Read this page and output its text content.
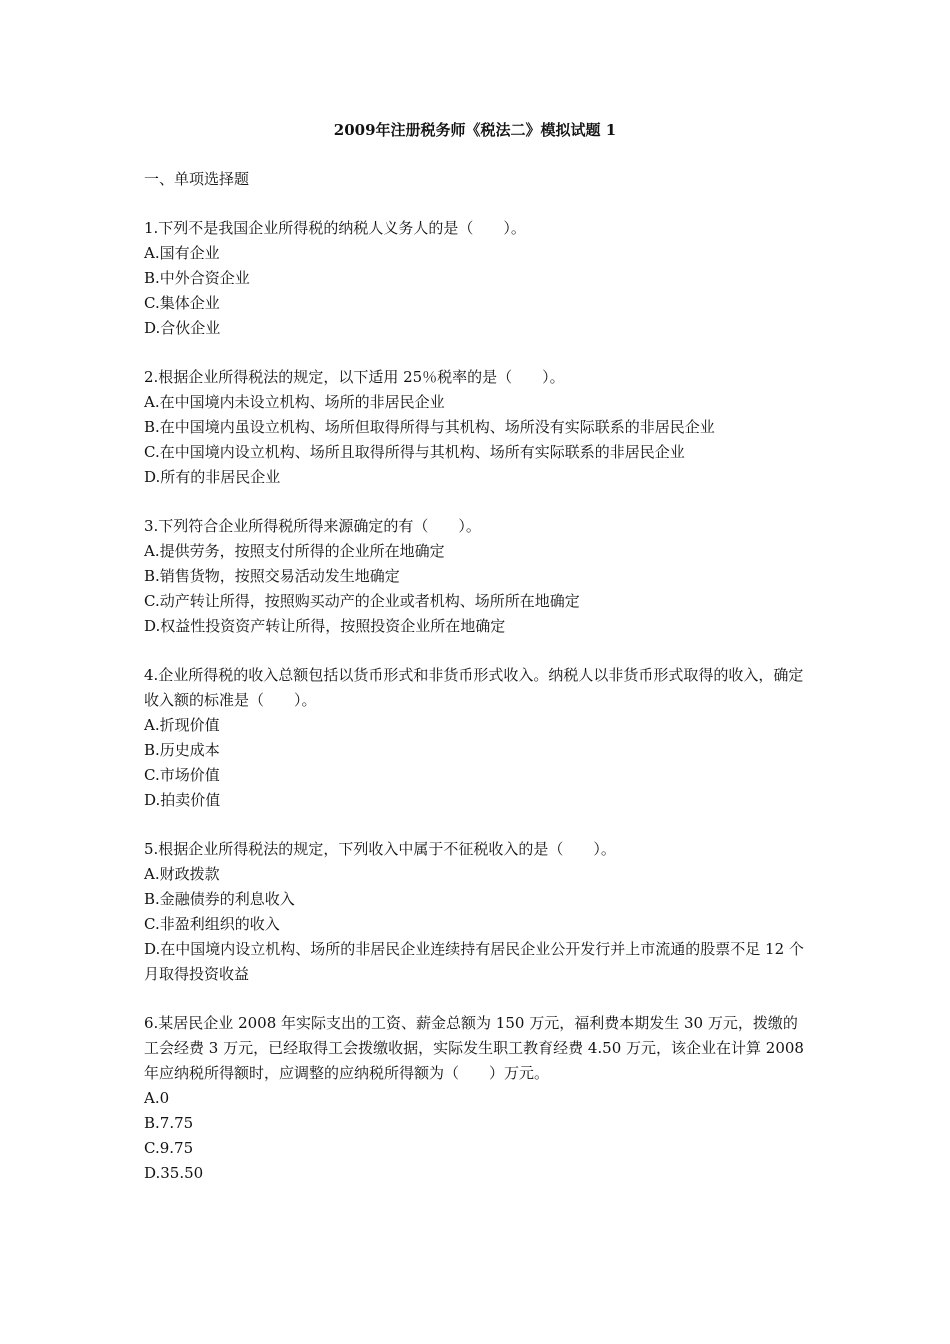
2009年注册税务师《税法二》模拟试题 1
一、单项选择题

1.下列不是我国企业所得税的纳税人义务人的是（　　）。

A.国有企业

B.中外合资企业

C.集体企业

D.合伙企业

2.根据企业所得税法的规定，以下适用 25％税率的是（　　）。

A.在中国境内未设立机构、场所的非居民企业

B.在中国境内虽设立机构、场所但取得所得与其机构、场所没有实际联系的非居民企业

C.在中国境内设立机构、场所且取得所得与其机构、场所有实际联系的非居民企业

D.所有的非居民企业

3.下列符合企业所得税所得来源确定的有（　　）。

A.提供劳务，按照支付所得的企业所在地确定

B.销售货物，按照交易活动发生地确定

C.动产转让所得，按照购买动产的企业或者机构、场所所在地确定

D.权益性投资资产转让所得，按照投资企业所在地确定

4.企业所得税的收入总额包括以货币形式和非货币形式收入。纳税人以非货币形式取得的收入，确定收入额的标准是（　　）。

A.折现价值

B.历史成本

C.市场价值

D.拍卖价值

5.根据企业所得税法的规定，下列收入中属于不征税收入的是（　　）。

A.财政拨款

B.金融债券的利息收入

C.非盈利组织的收入

D.在中国境内设立机构、场所的非居民企业连续持有居民企业公开发行并上市流通的股票不足 12 个月取得投资收益

6.某居民企业 2008 年实际支出的工资、薪金总额为 150 万元，福利费本期发生 30 万元，拨缴的工会经费 3 万元，已经取得工会拨缴收据，实际发生职工教育经费 4.50 万元，该企业在计算 2008 年应纳税所得额时，应调整的应纳税所得额为（　　）万元。

A.0

B.7.75

C.9.75

D.35.50
